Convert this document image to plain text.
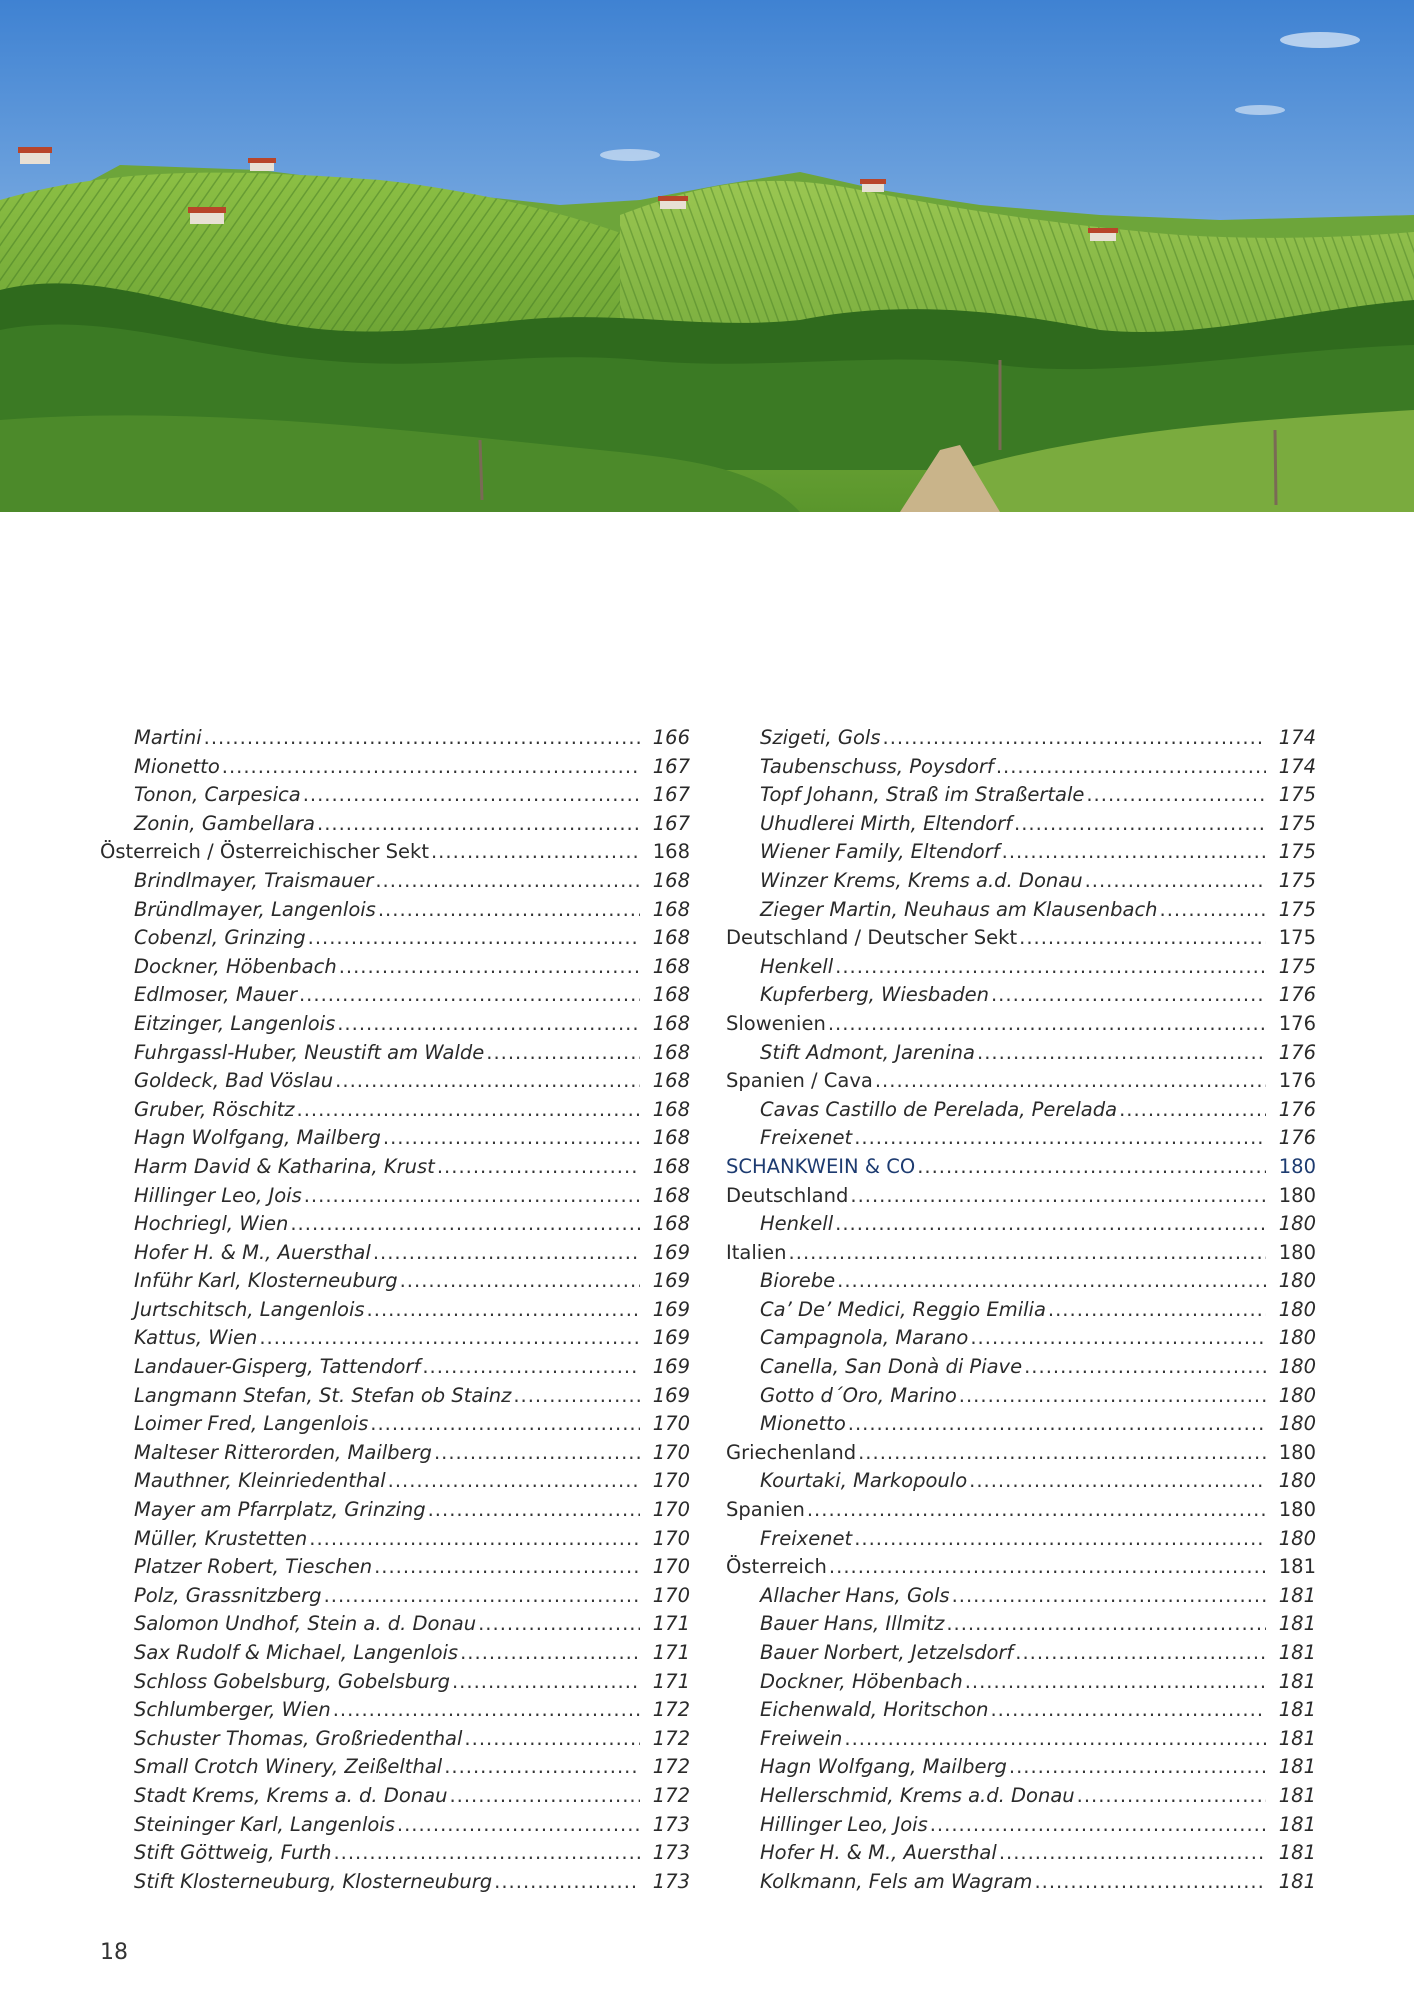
Martini .....	166
Mionetto .....	167
Tonon, Carpesica .....	167
Zonin, Gambellara .....	167
Österreich / Österreichischer Sekt .....	168
Brindlmayer, Traismauer .....	168
Bründlmayer, Langenlois .....	168
Cobenzl, Grinzing .....	168
Dockner, Höbenbach .....	168
Edlmoser, Mauer .....	168
Eitzinger, Langenlois .....	168
Fuhrgassl-Huber, Neustift am Walde .....	168
Goldeck, Bad Vöslau .....	168
Gruber, Röschitz .....	168
Hagn Wolfgang, Mailberg .....	168
Harm David & Katharina, Krust .....	168
Hillinger Leo, Jois .....	168
Hochriegl, Wien .....	168
Hofer H. & M., Auersthal .....	169
Inführ Karl, Klosterneuburg .....	169
Jurtschitsch, Langenlois .....	169
Kattus, Wien .....	169
Landauer-Gisperg, Tattendorf .....	169
Langmann Stefan, St. Stefan ob Stainz .....	169
Loimer Fred, Langenlois .....	170
Malteser Ritterorden, Mailberg .....	170
Mauthner, Kleinriedenthal .....	170
Mayer am Pfarrplatz, Grinzing .....	170
Müller, Krustetten .....	170
Platzer Robert, Tieschen .....	170
Polz, Grassnitzberg .....	170
Salomon Undhof, Stein a. d. Donau .....	171
Sax Rudolf & Michael, Langenlois .....	171
Schloss Gobelsburg, Gobelsburg .....	171
Schlumberger, Wien .....	172
Schuster Thomas, Großriedenthal .....	172
Small Crotch Winery, Zeißelthal .....	172
Stadt Krems, Krems a. d. Donau .....	172
Steininger Karl, Langenlois .....	173
Stift Göttweig, Furth .....	173
Stift Klosterneuburg, Klosterneuburg .....	173
Szigeti, Gols .....	174
Taubenschuss, Poysdorf .....	174
Topf Johann, Straß im Straßertale .....	175
Uhudlerei Mirth, Eltendorf .....	175
Wiener Family, Eltendorf .....	175
Winzer Krems, Krems a.d. Donau .....	175
Zieger Martin, Neuhaus am Klausenbach .....	175
Deutschland / Deutscher Sekt .....	175
Henkell .....	175
Kupferberg, Wiesbaden .....	176
Slowenien .....	176
Stift Admont, Jarenina .....	176
Spanien / Cava .....	176
Cavas Castillo de Perelada, Perelada .....	176
Freixenet .....	176
SCHANKWEIN & CO .....	180
Deutschland .....	180
Henkell .....	180
Italien .....	180
Biorebe .....	180
Ca’ De’ Medici, Reggio Emilia .....	180
Campagnola, Marano .....	180
Canella, San Donà di Piave .....	180
Gotto d´Oro, Marino .....	180
Mionetto .....	180
Griechenland .....	180
Kourtaki, Markopoulo .....	180
Spanien .....	180
Freixenet .....	180
Österreich .....	181
Allacher Hans, Gols .....	181
Bauer Hans, Illmitz .....	181
Bauer Norbert, Jetzelsdorf .....	181
Dockner, Höbenbach .....	181
Eichenwald, Horitschon .....	181
Freiwein .....	181
Hagn Wolfgang, Mailberg .....	181
Hellerschmid, Krems a.d. Donau .....	181
Hillinger Leo, Jois .....	181
Hofer H. & M., Auersthal .....	181
Kolkmann, Fels am Wagram .....	181
18
